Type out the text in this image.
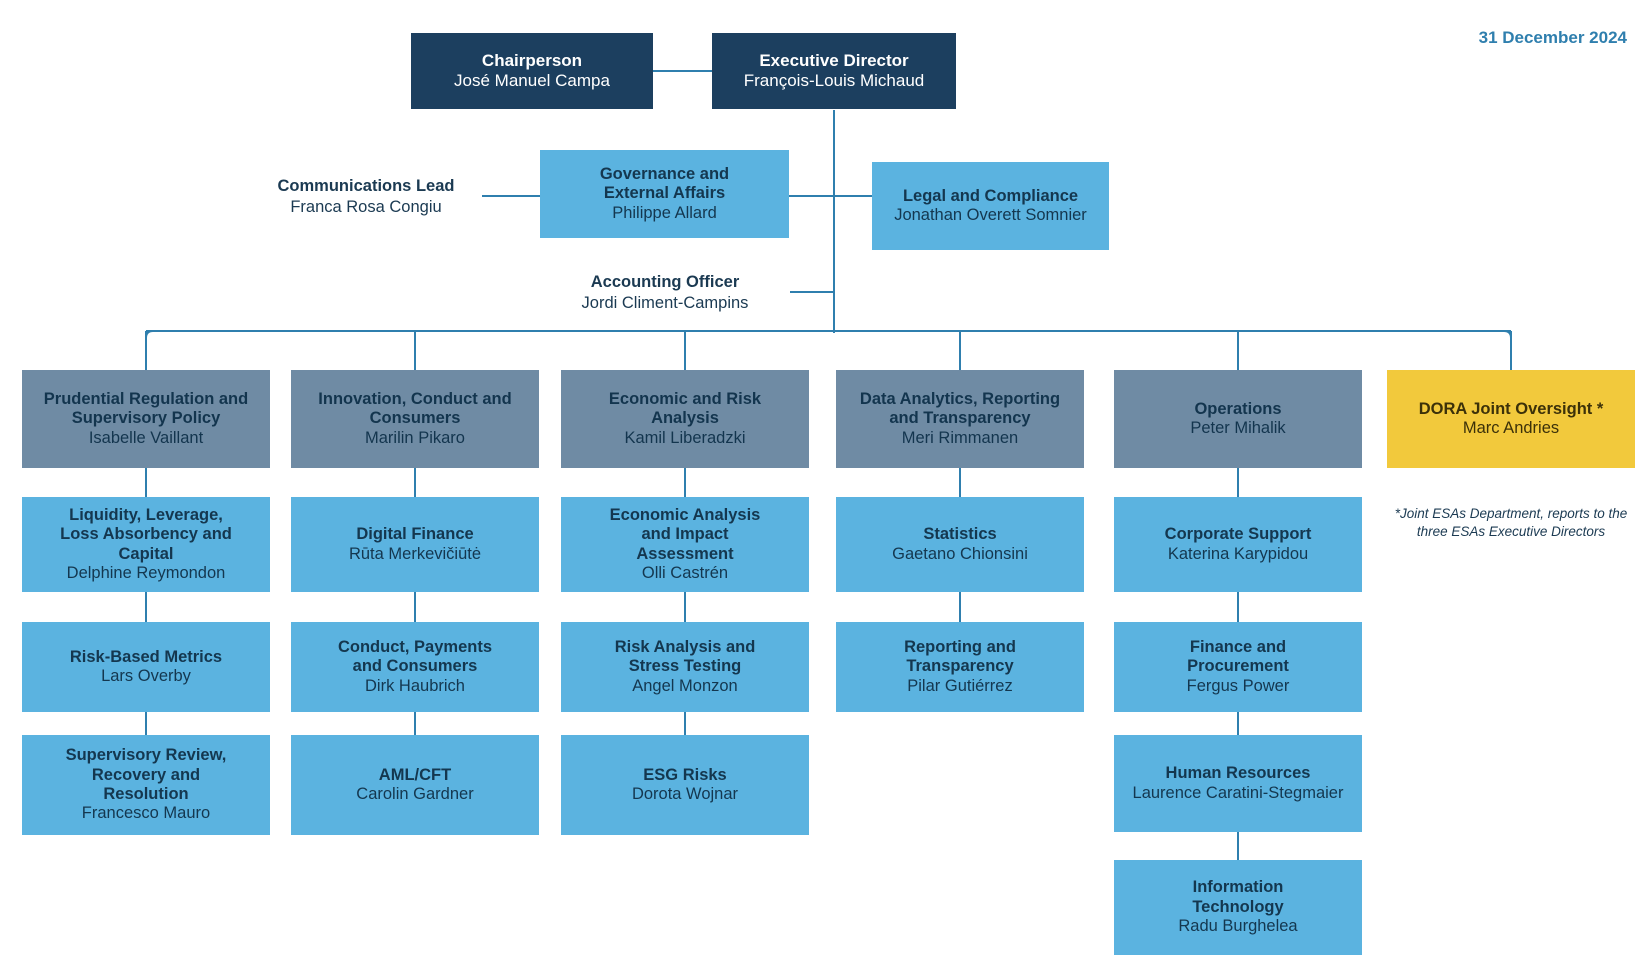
31 December 2024
Chairperson
José Manuel Campa
Executive Director
François-Louis Michaud
Communications Lead
Franca Rosa Congiu
Governance and
External Affairs
Philippe Allard
Legal and Compliance
Jonathan Overett Somnier
Accounting Officer
Jordi Climent-Campins
Prudential Regulation and
Supervisory Policy
Isabelle Vaillant
Liquidity, Leverage,
Loss Absorbency and
Capital
Delphine Reymondon
Risk-Based Metrics
Lars Overby
Supervisory Review,
Recovery and
Resolution
Francesco Mauro
Innovation, Conduct and
Consumers
Marilin Pikaro
Digital Finance
Rūta Merkevičiūtė
Conduct, Payments
and Consumers
Dirk Haubrich
AML/CFT
Carolin Gardner
Economic and Risk
Analysis
Kamil Liberadzki
Economic Analysis
and Impact
Assessment
Olli Castrén
Risk Analysis and
Stress Testing
Angel Monzon
ESG Risks
Dorota Wojnar
Data Analytics, Reporting
and Transparency
Meri Rimmanen
Statistics
Gaetano Chionsini
Reporting and
Transparency
Pilar Gutiérrez
Operations
Peter Mihalik
Corporate Support
Katerina Karypidou
Finance and
Procurement
Fergus Power
Human Resources
Laurence Caratini-Stegmaier
Information
Technology
Radu Burghelea
DORA Joint Oversight *
Marc Andries
*Joint ESAs Department, reports to the three ESAs Executive Directors
